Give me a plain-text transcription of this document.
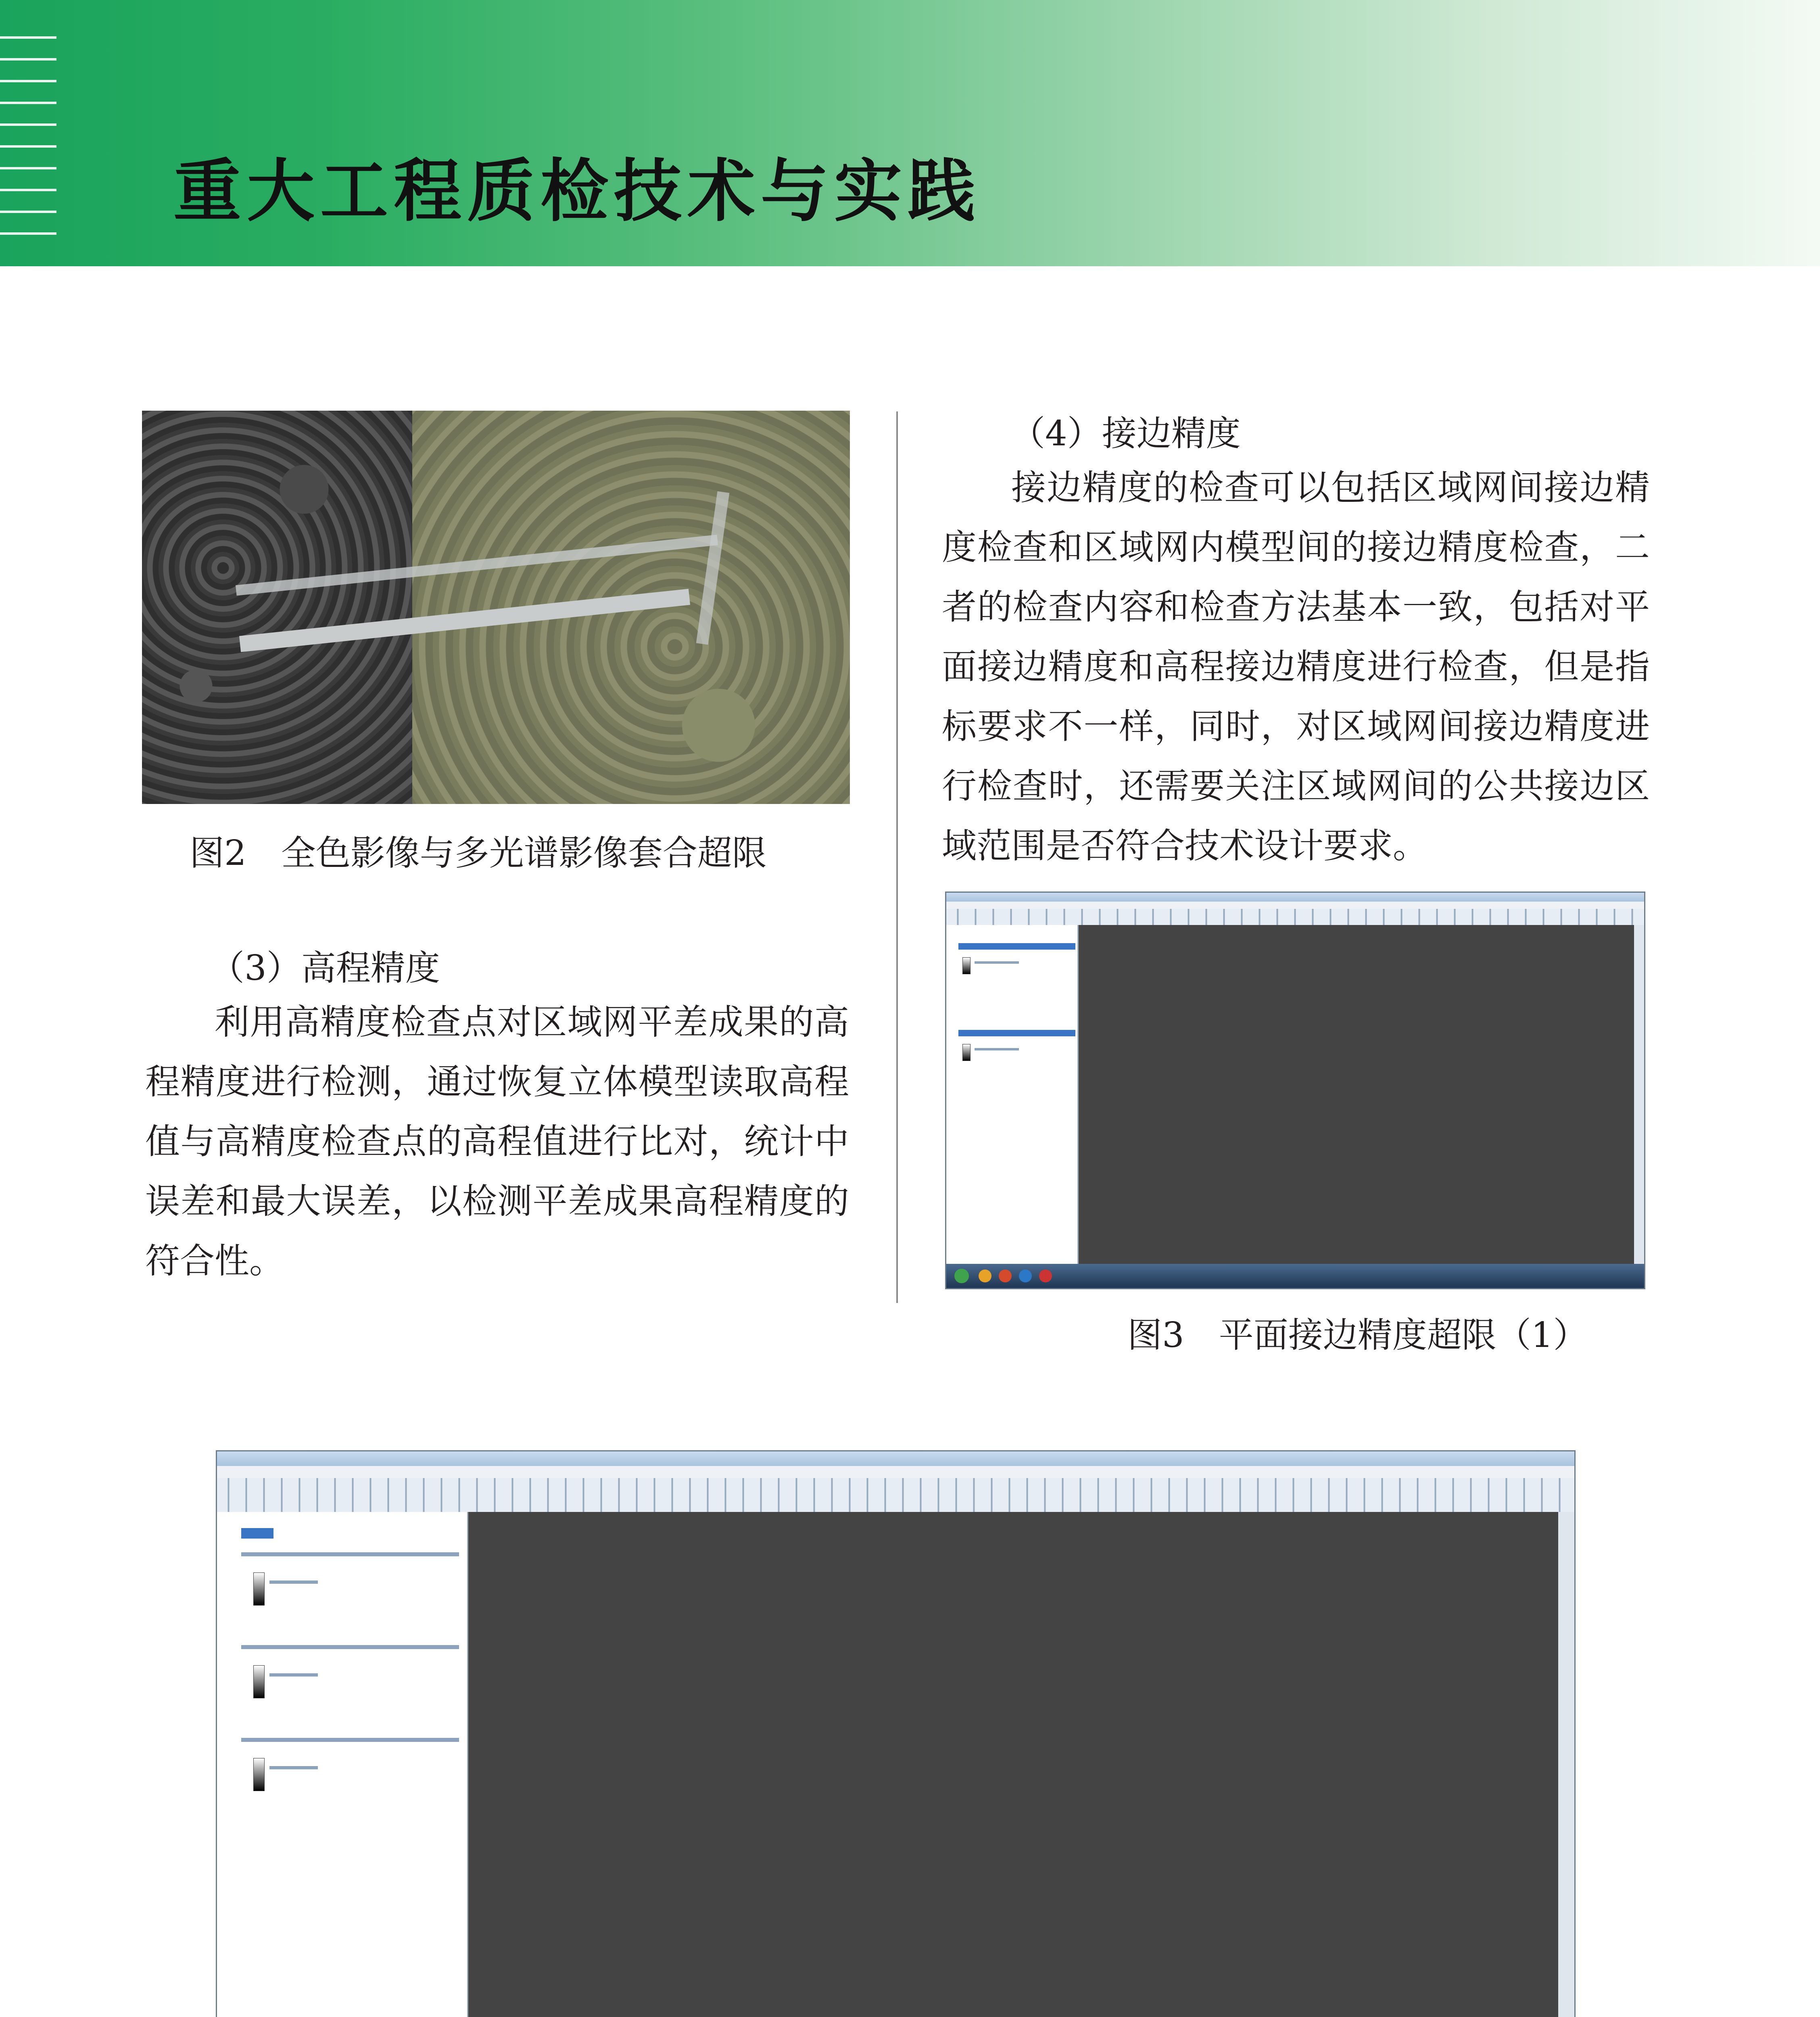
重大工程质检技术与实践
图2　全色影像与多光谱影像套合超限
（3）高程精度

利用高精度检查点对区域网平差成果的高程精度进行检测，通过恢复立体模型读取高程值与高精度检查点的高程值进行比对，统计中误差和最大误差，以检测平差成果高程精度的符合性。

（4）接边精度

接边精度的检查可以包括区域网间接边精度检查和区域网内模型间的接边精度检查，二者的检查内容和检查方法基本一致，包括对平面接边精度和高程接边精度进行检查，但是指标要求不一样，同时，对区域网间接边精度进行检查时，还需要关注区域网间的公共接边区域范围是否符合技术设计要求。

图3　平面接边精度超限（1）
